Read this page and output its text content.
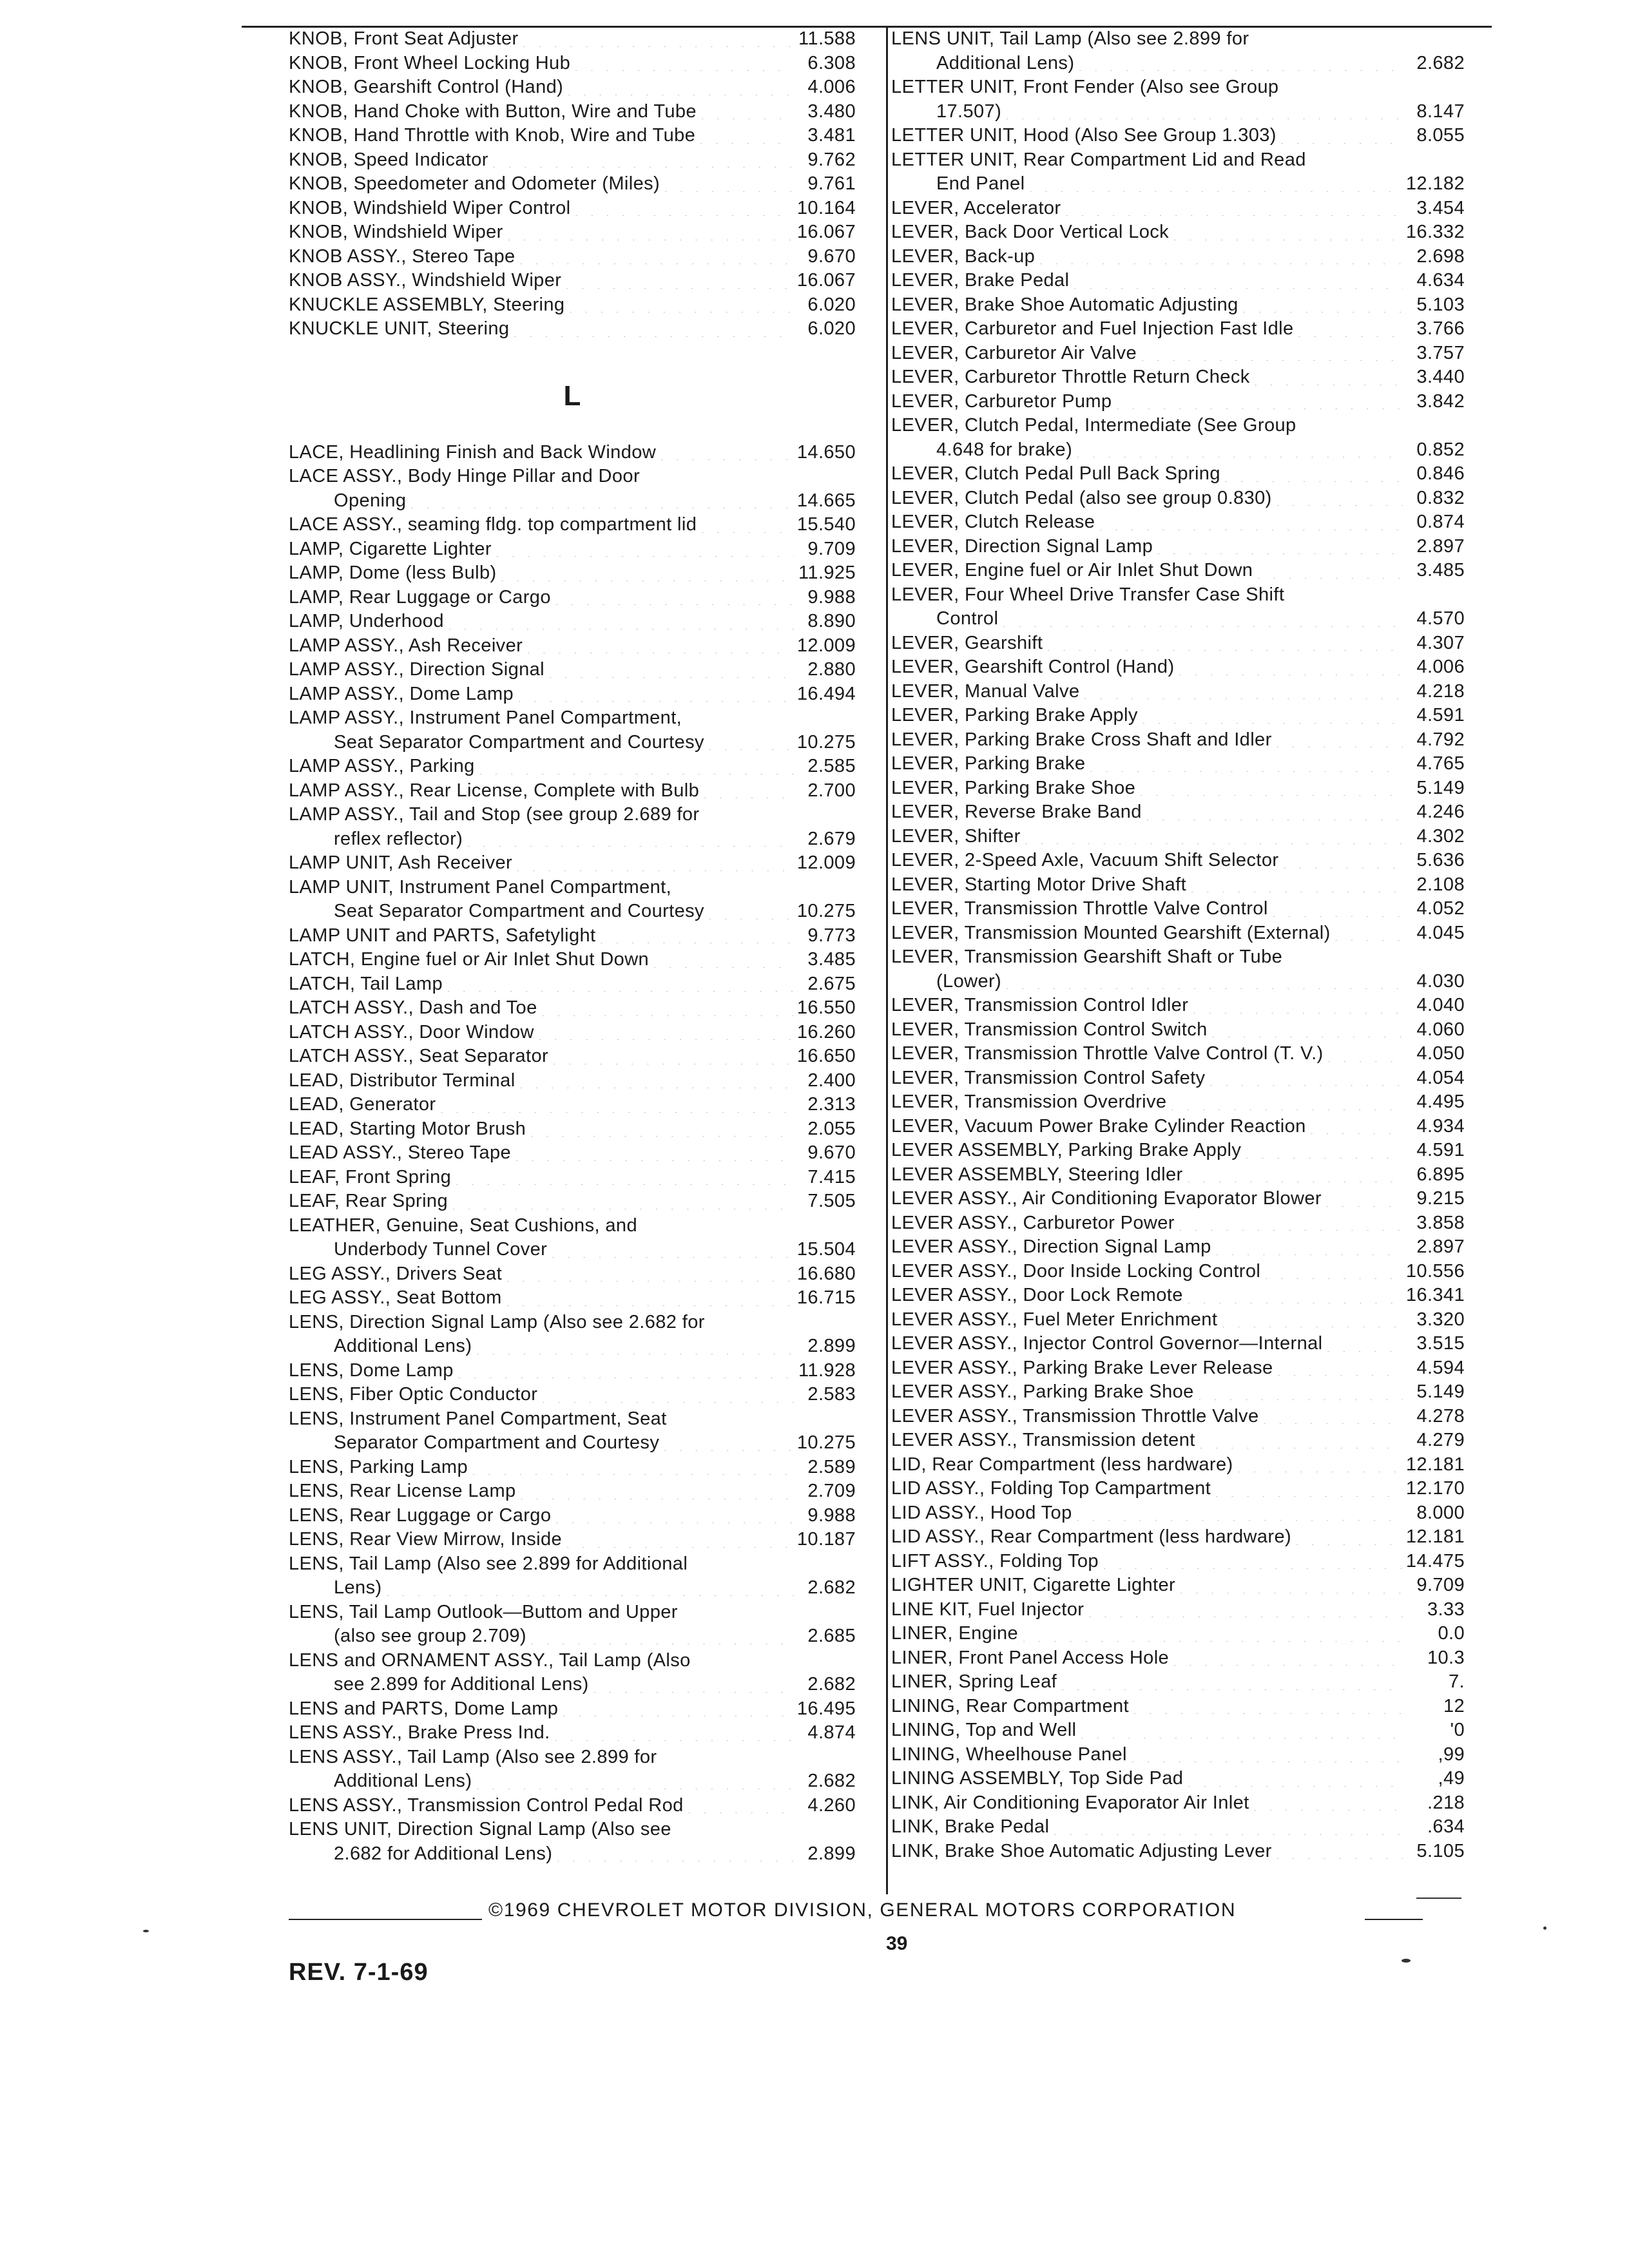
KNOB, Front Seat Adjuster . . .	11.588
KNOB, Front Wheel Locking Hub . . .	6.308
KNOB, Gearshift Control (Hand) . . .	4.006
KNOB, Hand Choke with Button, Wire and Tube . . .	3.480
KNOB, Hand Throttle with Knob, Wire and Tube . . .	3.481
KNOB, Speed Indicator . . .	9.762
KNOB, Speedometer and Odometer (Miles) . . .	9.761
KNOB, Windshield Wiper Control . . .	10.164
KNOB, Windshield Wiper . . .	16.067
KNOB ASSY., Stereo Tape . . .	9.670
KNOB ASSY., Windshield Wiper . . .	16.067
KNUCKLE ASSEMBLY, Steering . . .	6.020
KNUCKLE UNIT, Steering . . .	6.020
L
LACE, Headlining Finish and Back Window . . .	14.650
LACE ASSY., Body Hinge Pillar and Door
Opening . . .	14.665
LACE ASSY., seaming fldg. top compartment lid . . .	15.540
LAMP, Cigarette Lighter . . .	9.709
LAMP, Dome (less Bulb) . . .	11.925
LAMP, Rear Luggage or Cargo . . .	9.988
LAMP, Underhood . . .	8.890
LAMP ASSY., Ash Receiver . . .	12.009
LAMP ASSY., Direction Signal . . .	2.880
LAMP ASSY., Dome Lamp . . .	16.494
LAMP ASSY., Instrument Panel Compartment,
Seat Separator Compartment and Courtesy . . .	10.275
LAMP ASSY., Parking . . .	2.585
LAMP ASSY., Rear License, Complete with Bulb . . .	2.700
LAMP ASSY., Tail and Stop (see group 2.689 for
reflex reflector) . . .	2.679
LAMP UNIT, Ash Receiver . . .	12.009
LAMP UNIT, Instrument Panel Compartment,
Seat Separator Compartment and Courtesy . . .	10.275
LAMP UNIT and PARTS, Safetylight . . .	9.773
LATCH, Engine fuel or Air Inlet Shut Down . . .	3.485
LATCH, Tail Lamp . . .	2.675
LATCH ASSY., Dash and Toe . . .	16.550
LATCH ASSY., Door Window . . .	16.260
LATCH ASSY., Seat Separator . . .	16.650
LEAD, Distributor Terminal . . .	2.400
LEAD, Generator . . .	2.313
LEAD, Starting Motor Brush . . .	2.055
LEAD ASSY., Stereo Tape . . .	9.670
LEAF, Front Spring . . .	7.415
LEAF, Rear Spring . . .	7.505
LEATHER, Genuine, Seat Cushions, and
Underbody Tunnel Cover . . .	15.504
LEG ASSY., Drivers Seat . . .	16.680
LEG ASSY., Seat Bottom . . .	16.715
LENS, Direction Signal Lamp (Also see 2.682 for
Additional Lens) . . .	2.899
LENS, Dome Lamp . . .	11.928
LENS, Fiber Optic Conductor . . .	2.583
LENS, Instrument Panel Compartment, Seat
Separator Compartment and Courtesy . . .	10.275
LENS, Parking Lamp . . .	2.589
LENS, Rear License Lamp . . .	2.709
LENS, Rear Luggage or Cargo . . .	9.988
LENS, Rear View Mirrow, Inside . . .	10.187
LENS, Tail Lamp (Also see 2.899 for Additional
Lens) . . .	2.682
LENS, Tail Lamp Outlook—Buttom and Upper
(also see group 2.709) . . .	2.685
LENS and ORNAMENT ASSY., Tail Lamp (Also
see 2.899 for Additional Lens) . . .	2.682
LENS and PARTS, Dome Lamp . . .	16.495
LENS ASSY., Brake Press Ind. . . .	4.874
LENS ASSY., Tail Lamp (Also see 2.899 for
Additional Lens) . . .	2.682
LENS ASSY., Transmission Control Pedal Rod . . .	4.260
LENS UNIT, Direction Signal Lamp (Also see
2.682 for Additional Lens) . . .	2.899
LENS UNIT, Tail Lamp (Also see 2.899 for
Additional Lens) . . .	2.682
LETTER UNIT, Front Fender (Also see Group
17.507) . . .	8.147
LETTER UNIT, Hood (Also See Group 1.303) . . .	8.055
LETTER UNIT, Rear Compartment Lid and Read
End Panel . . .	12.182
LEVER, Accelerator . . .	3.454
LEVER, Back Door Vertical Lock . . .	16.332
LEVER, Back-up . . .	2.698
LEVER, Brake Pedal . . .	4.634
LEVER, Brake Shoe Automatic Adjusting . . .	5.103
LEVER, Carburetor and Fuel Injection Fast Idle . . .	3.766
LEVER, Carburetor Air Valve . . .	3.757
LEVER, Carburetor Throttle Return Check . . .	3.440
LEVER, Carburetor Pump . . .	3.842
LEVER, Clutch Pedal, Intermediate (See Group
4.648 for brake) . . .	0.852
LEVER, Clutch Pedal Pull Back Spring . . .	0.846
LEVER, Clutch Pedal (also see group 0.830) . . .	0.832
LEVER, Clutch Release . . .	0.874
LEVER, Direction Signal Lamp . . .	2.897
LEVER, Engine fuel or Air Inlet Shut Down . . .	3.485
LEVER, Four Wheel Drive Transfer Case Shift
Control . . .	4.570
LEVER, Gearshift . . .	4.307
LEVER, Gearshift Control (Hand) . . .	4.006
LEVER, Manual Valve . . .	4.218
LEVER, Parking Brake Apply . . .	4.591
LEVER, Parking Brake Cross Shaft and Idler . . .	4.792
LEVER, Parking Brake . . .	4.765
LEVER, Parking Brake Shoe . . .	5.149
LEVER, Reverse Brake Band . . .	4.246
LEVER, Shifter . . .	4.302
LEVER, 2-Speed Axle, Vacuum Shift Selector . . .	5.636
LEVER, Starting Motor Drive Shaft . . .	2.108
LEVER, Transmission Throttle Valve Control . . .	4.052
LEVER, Transmission Mounted Gearshift (External) . . .	4.045
LEVER, Transmission Gearshift Shaft or Tube
(Lower) . . .	4.030
LEVER, Transmission Control Idler . . .	4.040
LEVER, Transmission Control Switch . . .	4.060
LEVER, Transmission Throttle Valve Control (T. V.) . . .	4.050
LEVER, Transmission Control Safety . . .	4.054
LEVER, Transmission Overdrive . . .	4.495
LEVER, Vacuum Power Brake Cylinder Reaction . . .	4.934
LEVER ASSEMBLY, Parking Brake Apply . . .	4.591
LEVER ASSEMBLY, Steering Idler . . .	6.895
LEVER ASSY., Air Conditioning Evaporator Blower . . .	9.215
LEVER ASSY., Carburetor Power . . .	3.858
LEVER ASSY., Direction Signal Lamp . . .	2.897
LEVER ASSY., Door Inside Locking Control . . .	10.556
LEVER ASSY., Door Lock Remote . . .	16.341
LEVER ASSY., Fuel Meter Enrichment . . .	3.320
LEVER ASSY., Injector Control Governor—Internal . . .	3.515
LEVER ASSY., Parking Brake Lever Release . . .	4.594
LEVER ASSY., Parking Brake Shoe . . .	5.149
LEVER ASSY., Transmission Throttle Valve . . .	4.278
LEVER ASSY., Transmission detent . . .	4.279
LID, Rear Compartment (less hardware) . . .	12.181
LID ASSY., Folding Top Campartment . . .	12.170
LID ASSY., Hood Top . . .	8.000
LID ASSY., Rear Compartment (less hardware) . . .	12.181
LIFT ASSY., Folding Top . . .	14.475
LIGHTER UNIT, Cigarette Lighter . . .	9.709
LINE KIT, Fuel Injector . . .	3.33
LINER, Engine . . .	0.0
LINER, Front Panel Access Hole . . .	10.3
LINER, Spring Leaf . . .	7.
LINING, Rear Compartment . . .	12
LINING, Top and Well . . .	'0
LINING, Wheelhouse Panel . . .	,99
LINING ASSEMBLY, Top Side Pad . . .	,49
LINK, Air Conditioning Evaporator Air Inlet . . .	.218
LINK, Brake Pedal . . .	.634
LINK, Brake Shoe Automatic Adjusting Lever . . .	5.105
©1969 CHEVROLET MOTOR DIVISION, GENERAL MOTORS CORPORATION
39
REV. 7-1-69
